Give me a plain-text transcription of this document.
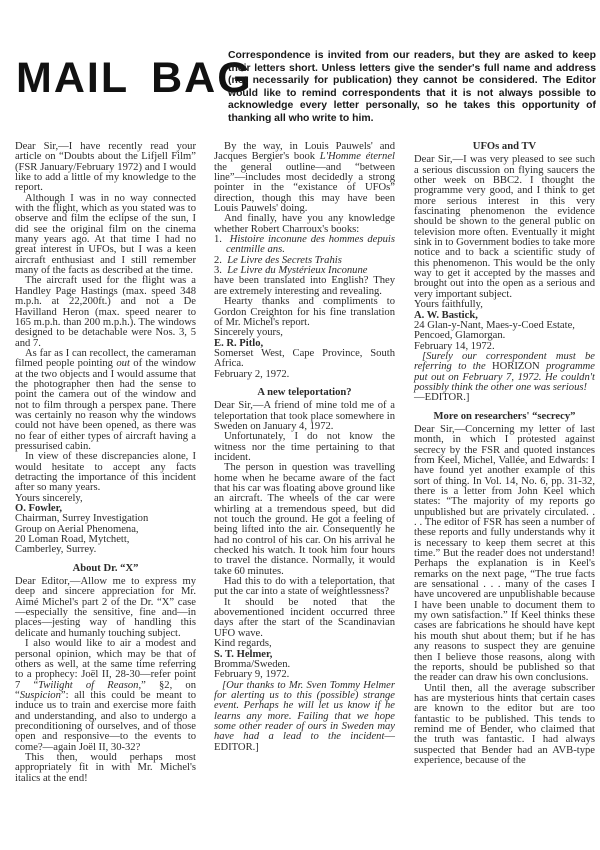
MAIL BAG
Correspondence is invited from our readers, but they are asked to keep their letters short. Unless letters give the sender's full name and address (not necessarily for publication) they cannot be considered. The Editor would like to remind correspondents that it is not always possible to acknowledge every letter personally, so he takes this opportunity of thanking all who write to him.

Dear Sir,—I have recently read your article on “Doubts about the Lifjell Film” (FSR January/February 1972) and I would like to add a little of my knowledge to the report.

Although I was in no way connected with the flight, which as you stated was to observe and film the eclipse of the sun, I did see the original film on the cinema many years ago. At that time I had no great interest in UFOs, but I was a keen aircraft enthusiast and I still remember many of the facts as described at the time.

The aircraft used for the flight was a Handley Page Hastings (max. speed 348 m.p.h. at 22,200ft.) and not a De Havilland Heron (max. speed nearer to 165 m.p.h. than 200 m.p.h.). The windows designed to be detachable were Nos. 3, 5 and 7.

As far as I can recollect, the cameraman filmed people pointing out of the window at the two objects and I would assume that the photographer then had the sense to point the camera out of the window and not to film through a perspex pane. There was certainly no reason why the windows could not have been opened, as there was no fear of either types of aircraft having a pressurised cabin.

In view of these discrepancies alone, I would hesitate to accept any facts detracting the importance of this incident after so many years.

Yours sincerely,

O. Fowler,

Chairman, Surrey Investigation

Group on Aerial Phenomena,

20 Loman Road, Mytchett,

Camberley, Surrey.

About Dr. “X”

Dear Editor,—Allow me to express my deep and sincere appreciation for Mr. Aimé Michel's part 2 of the Dr. “X” case—especially the sensitive, fine and—in places—jesting way of handling this delicate and humanly touching subject.

I also would like to air a modest and personal opinion, which may be that of others as well, at the same time referring to a prophecy: Joël II, 28-30—refer point 7 “Twilight of Reason,” §2, on “Suspicion”: all this could be meant to induce us to train and exercise more faith and understanding, and also to undergo a preconditioning of ourselves, and of those open and responsive—to the events to come?—again Joël II, 30-32?

This then, would perhaps most appropriately fit in with Mr. Michel's italics at the end!

By the way, in Louis Pauwels' and Jacques Bergier's book L'Homme éternel the general outline—and “between line”—includes most decidedly a strong pointer in the “existance of UFOs” direction, though this may have been Louis Pauwels' doing.

And finally, have you any knowledge whether Robert Charroux's books:

1. Histoire inconune des hommes depuis centmille ans.
2. Le Livre des Secrets Trahis
3. Le Livre du Mystérieux Inconune

have been translated into English? They are extremely interesting and revealing.

Hearty thanks and compliments to Gordon Creighton for his fine translation of Mr. Michel's report.

Sincerely yours,

E. R. Pitlo,

Somerset West, Cape Province, South Africa.

February 2, 1972.

A new teleportation?

Dear Sir,—A friend of mine told me of a teleportation that took place somewhere in Sweden on January 4, 1972.

Unfortunately, I do not know the witness nor the time pertaining to that incident.

The person in question was travelling home when he became aware of the fact that his car was floating above ground like an aircraft. The wheels of the car were whirling at a tremendous speed, but did not touch the ground. He got a feeling of being lifted into the air. Consequently he had no control of his car. On his arrival he checked his watch. It took him four hours to travel the distance. Normally, it would take 60 minutes.

Had this to do with a teleportation, that put the car into a state of weightlessness?

It should be noted that the abovementioned incident occurred three days after the start of the Scandinavian UFO wave.

Kind regards,

S. T. Helmer,

Bromma/Sweden.

February 9, 1972.

[Our thanks to Mr. Sven Tommy Helmer for alerting us to this (possible) strange event. Perhaps he will let us know if he learns any more. Failing that we hope some other reader of ours in Sweden may have had a lead to the incident—EDITOR.]

UFOs and TV

Dear Sir,—I was very pleased to see such a serious discussion on flying saucers the other week on BBC2. I thought the programme very good, and I think to get more serious interest in this very fascinating phenomenon the evidence should be shown to the general public on television more often. Eventually it might sink in to Government bodies to take more notice and to back a scientific study of this phenomenon. This would be the only way to get it accepted by the masses and brought out into the open as a serious and very important subject.

Yours faithfully,

A. W. Bastick,

24 Glan-y-Nant, Maes-y-Coed Estate,

Pencoed, Glamorgan.

February 14, 1972.

[Surely our correspondent must be referring to the HORIZON programme put out on February 7, 1972. He couldn't possibly think the other one was serious!
—EDITOR.]

More on researchers' “secrecy”

Dear Sir,—Concerning my letter of last month, in which I protested against secrecy by the FSR and quoted instances from Keel, Michel, Vallée, and Edwards: I have found yet another example of this sort of thing. In Vol. 14, No. 6, pp. 31-32, there is a letter from John Keel which states: “The majority of my reports go unpublished but are privately circulated. . . . The editor of FSR has seen a number of these reports and fully understands why it is necessary to keep them secret at this time.” But the reader does not understand! Perhaps the explanation is in Keel's remarks on the next page, “The true facts are sensational . . . many of the cases I have uncovered are unpublishable because I have been unable to document them to my own satisfaction.” If Keel thinks these cases are fabrications he should have kept his mouth shut about them; but if he has any reasons to suspect they are genuine then I believe those reasons, along with the reports, should be published so that the reader can draw his own conclusions.

Until then, all the average subscriber has are mysterious hints that certain cases are known to the editor but are too fantastic to be published. This tends to remind me of Bender, who claimed that the truth was fantastic. I had always suspected that Bender had an AVB-type experience, because of the
